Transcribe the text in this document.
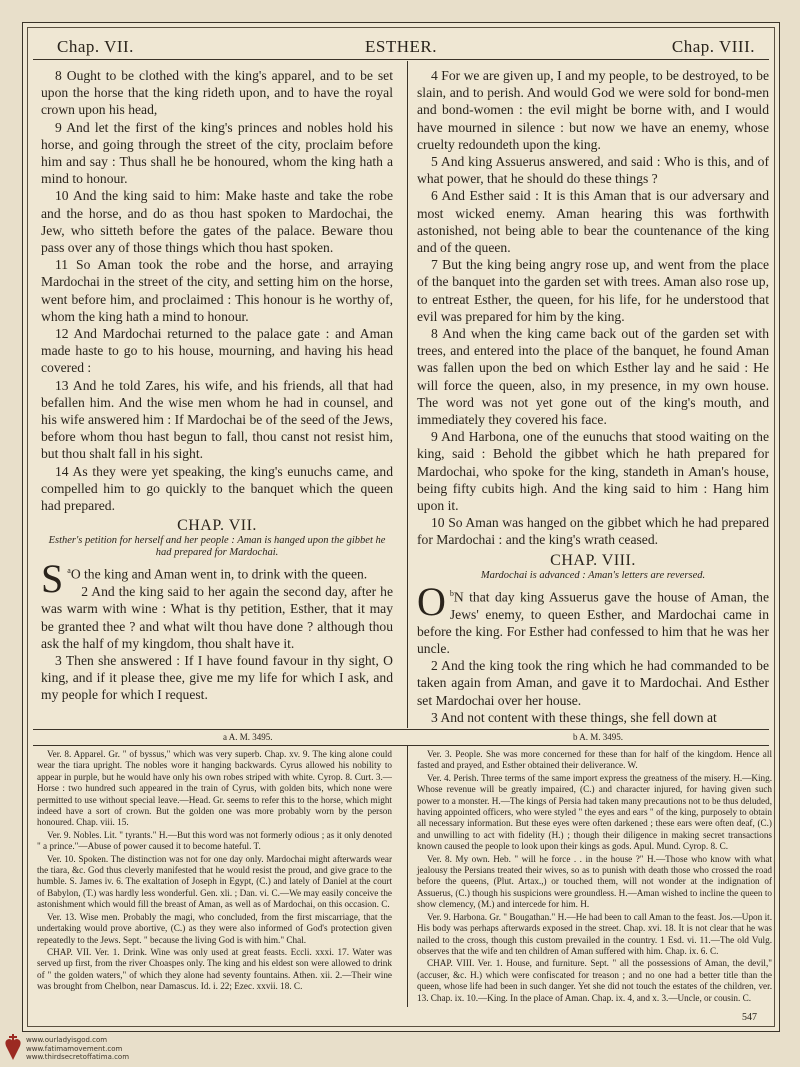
Chap. VII.	ESTHER.	Chap. VIII.

8 Ought to be clothed with the king's apparel, and to be set upon the horse that the king rideth upon, and to have the royal crown upon his head,

9 And let the first of the king's princes and nobles hold his horse, and going through the street of the city, proclaim before him and say : Thus shall he be honoured, whom the king hath a mind to honour.

10 And the king said to him: Make haste and take the robe and the horse, and do as thou hast spoken to Mardochai, the Jew, who sitteth before the gates of the palace. Beware thou pass over any of those things which thou hast spoken.

11 So Aman took the robe and the horse, and arraying Mardochai in the street of the city, and setting him on the horse, went before him, and proclaimed : This honour is he worthy of, whom the king hath a mind to honour.

12 And Mardochai returned to the palace gate : and Aman made haste to go to his house, mourning, and having his head covered :

13 And he told Zares, his wife, and his friends, all that had befallen him. And the wise men whom he had in counsel, and his wife answered him : If Mardochai be of the seed of the Jews, before whom thou hast begun to fall, thou canst not resist him, but thou shalt fall in his sight.

14 As they were yet speaking, the king's eunuchs came, and compelled him to go quickly to the banquet which the queen had prepared.

CHAP. VII.
Esther's petition for herself and her people : Aman is hanged upon the gibbet he had prepared for Mardochai.

S $^a$O the king and Aman went in, to drink with the queen.

2 And the king said to her again the second day, after he was warm with wine : What is thy petition, Esther, that it may be granted thee ? and what wilt thou have done ? although thou ask the half of my kingdom, thou shalt have it.

3 Then she answered : If I have found favour in thy sight, O king, and if it please thee, give me my life for which I ask, and my people for which I request.

4 For we are given up, I and my people, to be destroyed, to be slain, and to perish. And would God we were sold for bond-men and bond-women : the evil might be borne with, and I would have mourned in silence : but now we have an enemy, whose cruelty redoundeth upon the king.

5 And king Assuerus answered, and said : Who is this, and of what power, that he should do these things ?

6 And Esther said : It is this Aman that is our adversary and most wicked enemy. Aman hearing this was forthwith astonished, not being able to bear the countenance of the king and of the queen.

7 But the king being angry rose up, and went from the place of the banquet into the garden set with trees. Aman also rose up, to entreat Esther, the queen, for his life, for he understood that evil was prepared for him by the king.

8 And when the king came back out of the garden set with trees, and entered into the place of the banquet, he found Aman was fallen upon the bed on which Esther lay and he said : He will force the queen, also, in my presence, in my own house. The word was not yet gone out of the king's mouth, and immediately they covered his face.

9 And Harbona, one of the eunuchs that stood waiting on the king, said : Behold the gibbet which he hath prepared for Mardochai, who spoke for the king, standeth in Aman's house, being fifty cubits high. And the king said to him : Hang him upon it.

10 So Aman was hanged on the gibbet which he had prepared for Mardochai : and the king's wrath ceased.

CHAP. VIII.
Mardochai is advanced : Aman's letters are reversed.

O $^b$N that day king Assuerus gave the house of Aman, the Jews' enemy, to queen Esther, and Mardochai came in before the king. For Esther had confessed to him that he was her uncle.

2 And the king took the ring which he had commanded to be taken again from Aman, and gave it to Mardochai. And Esther set Mardochai over her house.

3 And not content with these things, she fell down at

a A. M. 3495.	b A. M. 3495.

Ver. 8. Apparel. Gr. " of byssus," which was very superb. Chap. xv. 9. The king alone could wear the tiara upright. The nobles wore it hanging backwards. Cyrus allowed his nobility to appear in purple, but he would have only his own robes striped with white. Cyrop. 8. Curt. 3.—Horse : two hundred such appeared in the train of Cyrus, with golden bits, which none were permitted to use without special leave.—Head. Gr. seems to refer this to the horse, which might indeed have a sort of crown. But the golden one was more probably worn by the person honoured. Chap. viii. 15.

Ver. 9. Nobles. Lit. " tyrants." H.—But this word was not formerly odious ; as it only denoted " a prince."—Abuse of power caused it to become hateful. T.

Ver. 10. Spoken. The distinction was not for one day only. Mardochai might afterwards wear the tiara, &c. God thus cleverly manifested that he would resist the proud, and give grace to the humble. S. James iv. 6. The exaltation of Joseph in Egypt, (C.) and lately of Daniel at the court of Babylon, (T.) was hardly less wonderful. Gen. xli. ; Dan. vi. C.—We may easily conceive the astonishment which would fill the breast of Aman, as well as of Mardochai, on this occasion. C.

Ver. 13. Wise men. Probably the magi, who concluded, from the first miscarriage, that the undertaking would prove abortive, (C.) as they were also informed of God's protection given repeatedly to the Jews. Sept. " because the living God is with him." Chal.

CHAP. VII. Ver. 1. Drink. Wine was only used at great feasts. Eccli. xxxi. 17. Water was served up first, from the river Choaspes only. The king and his eldest son were allowed to drink of " the golden waters," of which they alone had seventy fountains. Athen. xii. 2.—Their wine was brought from Chelbon, near Damascus. Id. i. 22; Ezec. xxvii. 18. C.

Ver. 3. People. She was more concerned for these than for half of the kingdom. Hence all fasted and prayed, and Esther obtained their deliverance. W.

Ver. 4. Perish. Three terms of the same import express the greatness of the misery. H.—King. Whose revenue will be greatly impaired, (C.) and character injured, for having given such power to a monster. H.—The kings of Persia had taken many precautions not to be thus deluded, having appointed officers, who were styled " the eyes and ears " of the king, purposely to obtain all necessary information. But these eyes were often darkened ; these ears were often deaf, (C.) and unwilling to act with fidelity (H.) ; though their diligence in making secret transactions known caused the people to look upon their kings as gods. Apul. Mund. Cyrop. 8. C.

Ver. 8. My own. Heb. " will he force . . in the house ?" H.—Those who know with what jealousy the Persians treated their wives, so as to punish with death those who crossed the road before the queens, (Plut. Artax.,) or touched them, will not wonder at the indignation of Assuerus, (C.) though his suspicions were groundless. H.—Aman wished to incline the queen to show clemency, (M.) and intercede for him. H.

Ver. 9. Harbona. Gr. " Bougathan." H.—He had been to call Aman to the feast. Jos.—Upon it. His body was perhaps afterwards exposed in the street. Chap. xvi. 18. It is not clear that he was nailed to the cross, though this custom prevailed in the country. 1 Esd. vi. 11.—The old Vulg. observes that the wife and ten children of Aman suffered with him. Chap. ix. 6. C.

CHAP. VIII. Ver. 1. House, and furniture. Sept. " all the possessions of Aman, the devil," (accuser, &c. H.) which were confiscated for treason ; and no one had a better title than the queen, whose life had been in such danger. Yet she did not touch the estates of the children, ver. 13. Chap. ix. 10.—King. In the place of Aman. Chap. ix. 4, and x. 3.—Uncle, or cousin. C.

547
www.ourladyisgod.com
www.fatimamovement.com
www.thirdsecretoffatima.com
